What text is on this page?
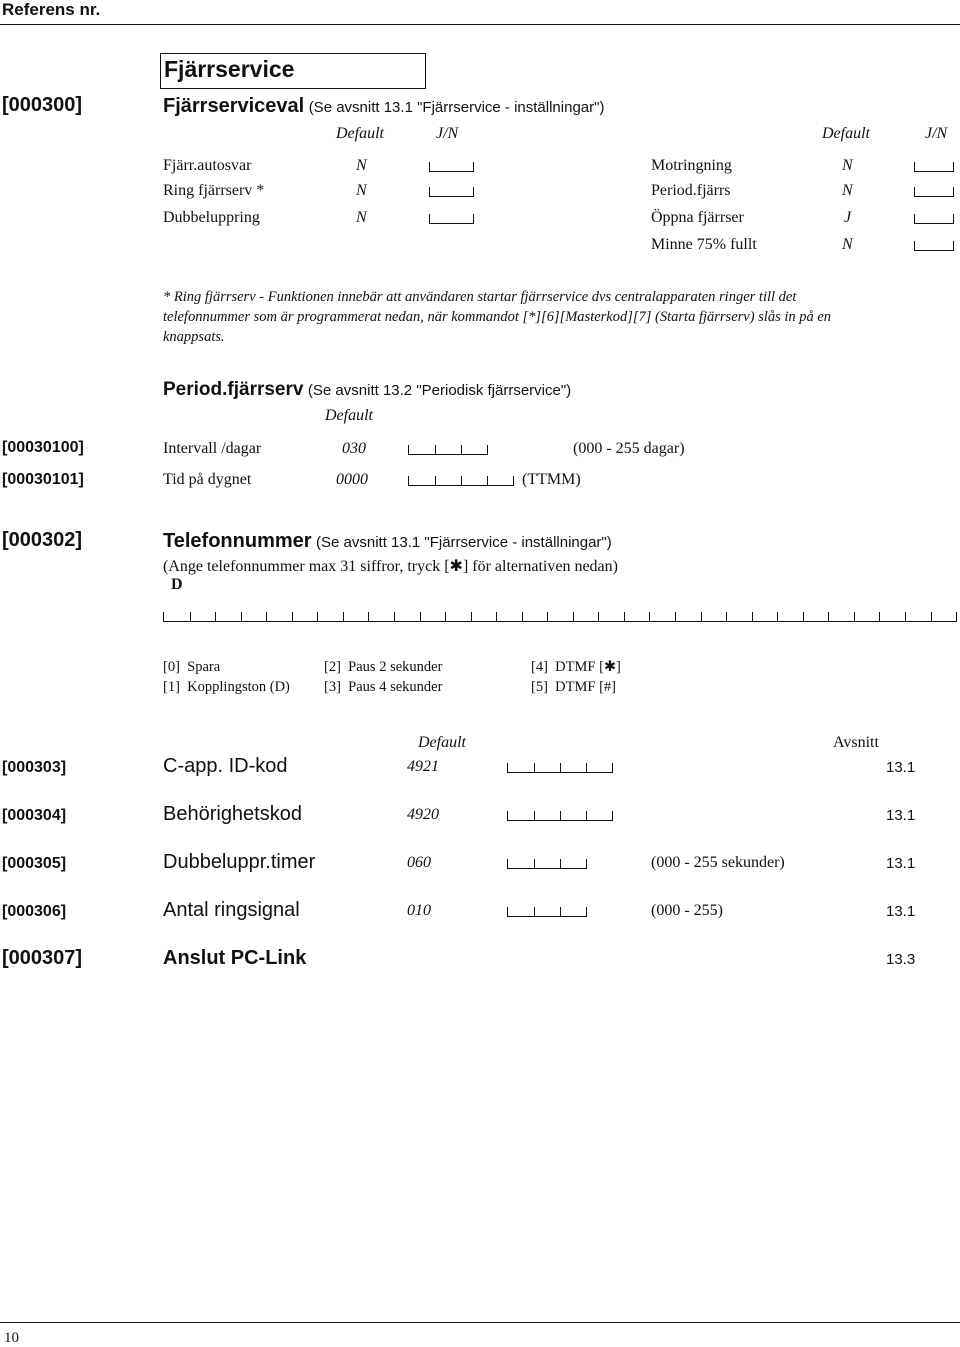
Referens nr.
Fjärrservice
[000300]	Fjärrserviceval (Se avsnitt 13.1 "Fjärrservice - inställningar")
Default	J/N	Default	J/N
Fjärr.autosvar	N
Ring fjärrserv *	N
Dubbeluppring	N
Motringning	N
Period.fjärrs	N
Öppna fjärrser	J
Minne 75% fullt	N
* Ring fjärrserv - Funktionen innebär att användaren startar fjärrservice dvs centralapparaten ringer till det
telefonnummer som är programmerat nedan, när kommandot [*][6][Masterkod][7] (Starta fjärrserv) slås in på en
knappsats.
Period.fjärrserv (Se avsnitt 13.2 "Periodisk fjärrservice")
Default
[00030100]	Intervall /dagar	030	(000 - 255 dagar)
[00030101]	Tid på dygnet	0000	(TTMM)
[000302]	Telefonnummer (Se avsnitt 13.1 "Fjärrservice - inställningar")
(Ange telefonnummer max 31 siffror, tryck [✱] för alternativen nedan)
D
[0] Spara
[1] Kopplingston (D)
[2] Paus 2 sekunder
[3] Paus 4 sekunder
[4] DTMF [✱]
[5] DTMF [#]
Default	Avsnitt
[000303]	C-app. ID-kod	4921	13.1
[000304]	Behörighetskod	4920	13.1
[000305]	Dubbeluppr.timer	060	(000 - 255 sekunder)	13.1
[000306]	Antal ringsignal	010	(000 - 255)	13.1
[000307]	Anslut PC-Link	13.3
10
